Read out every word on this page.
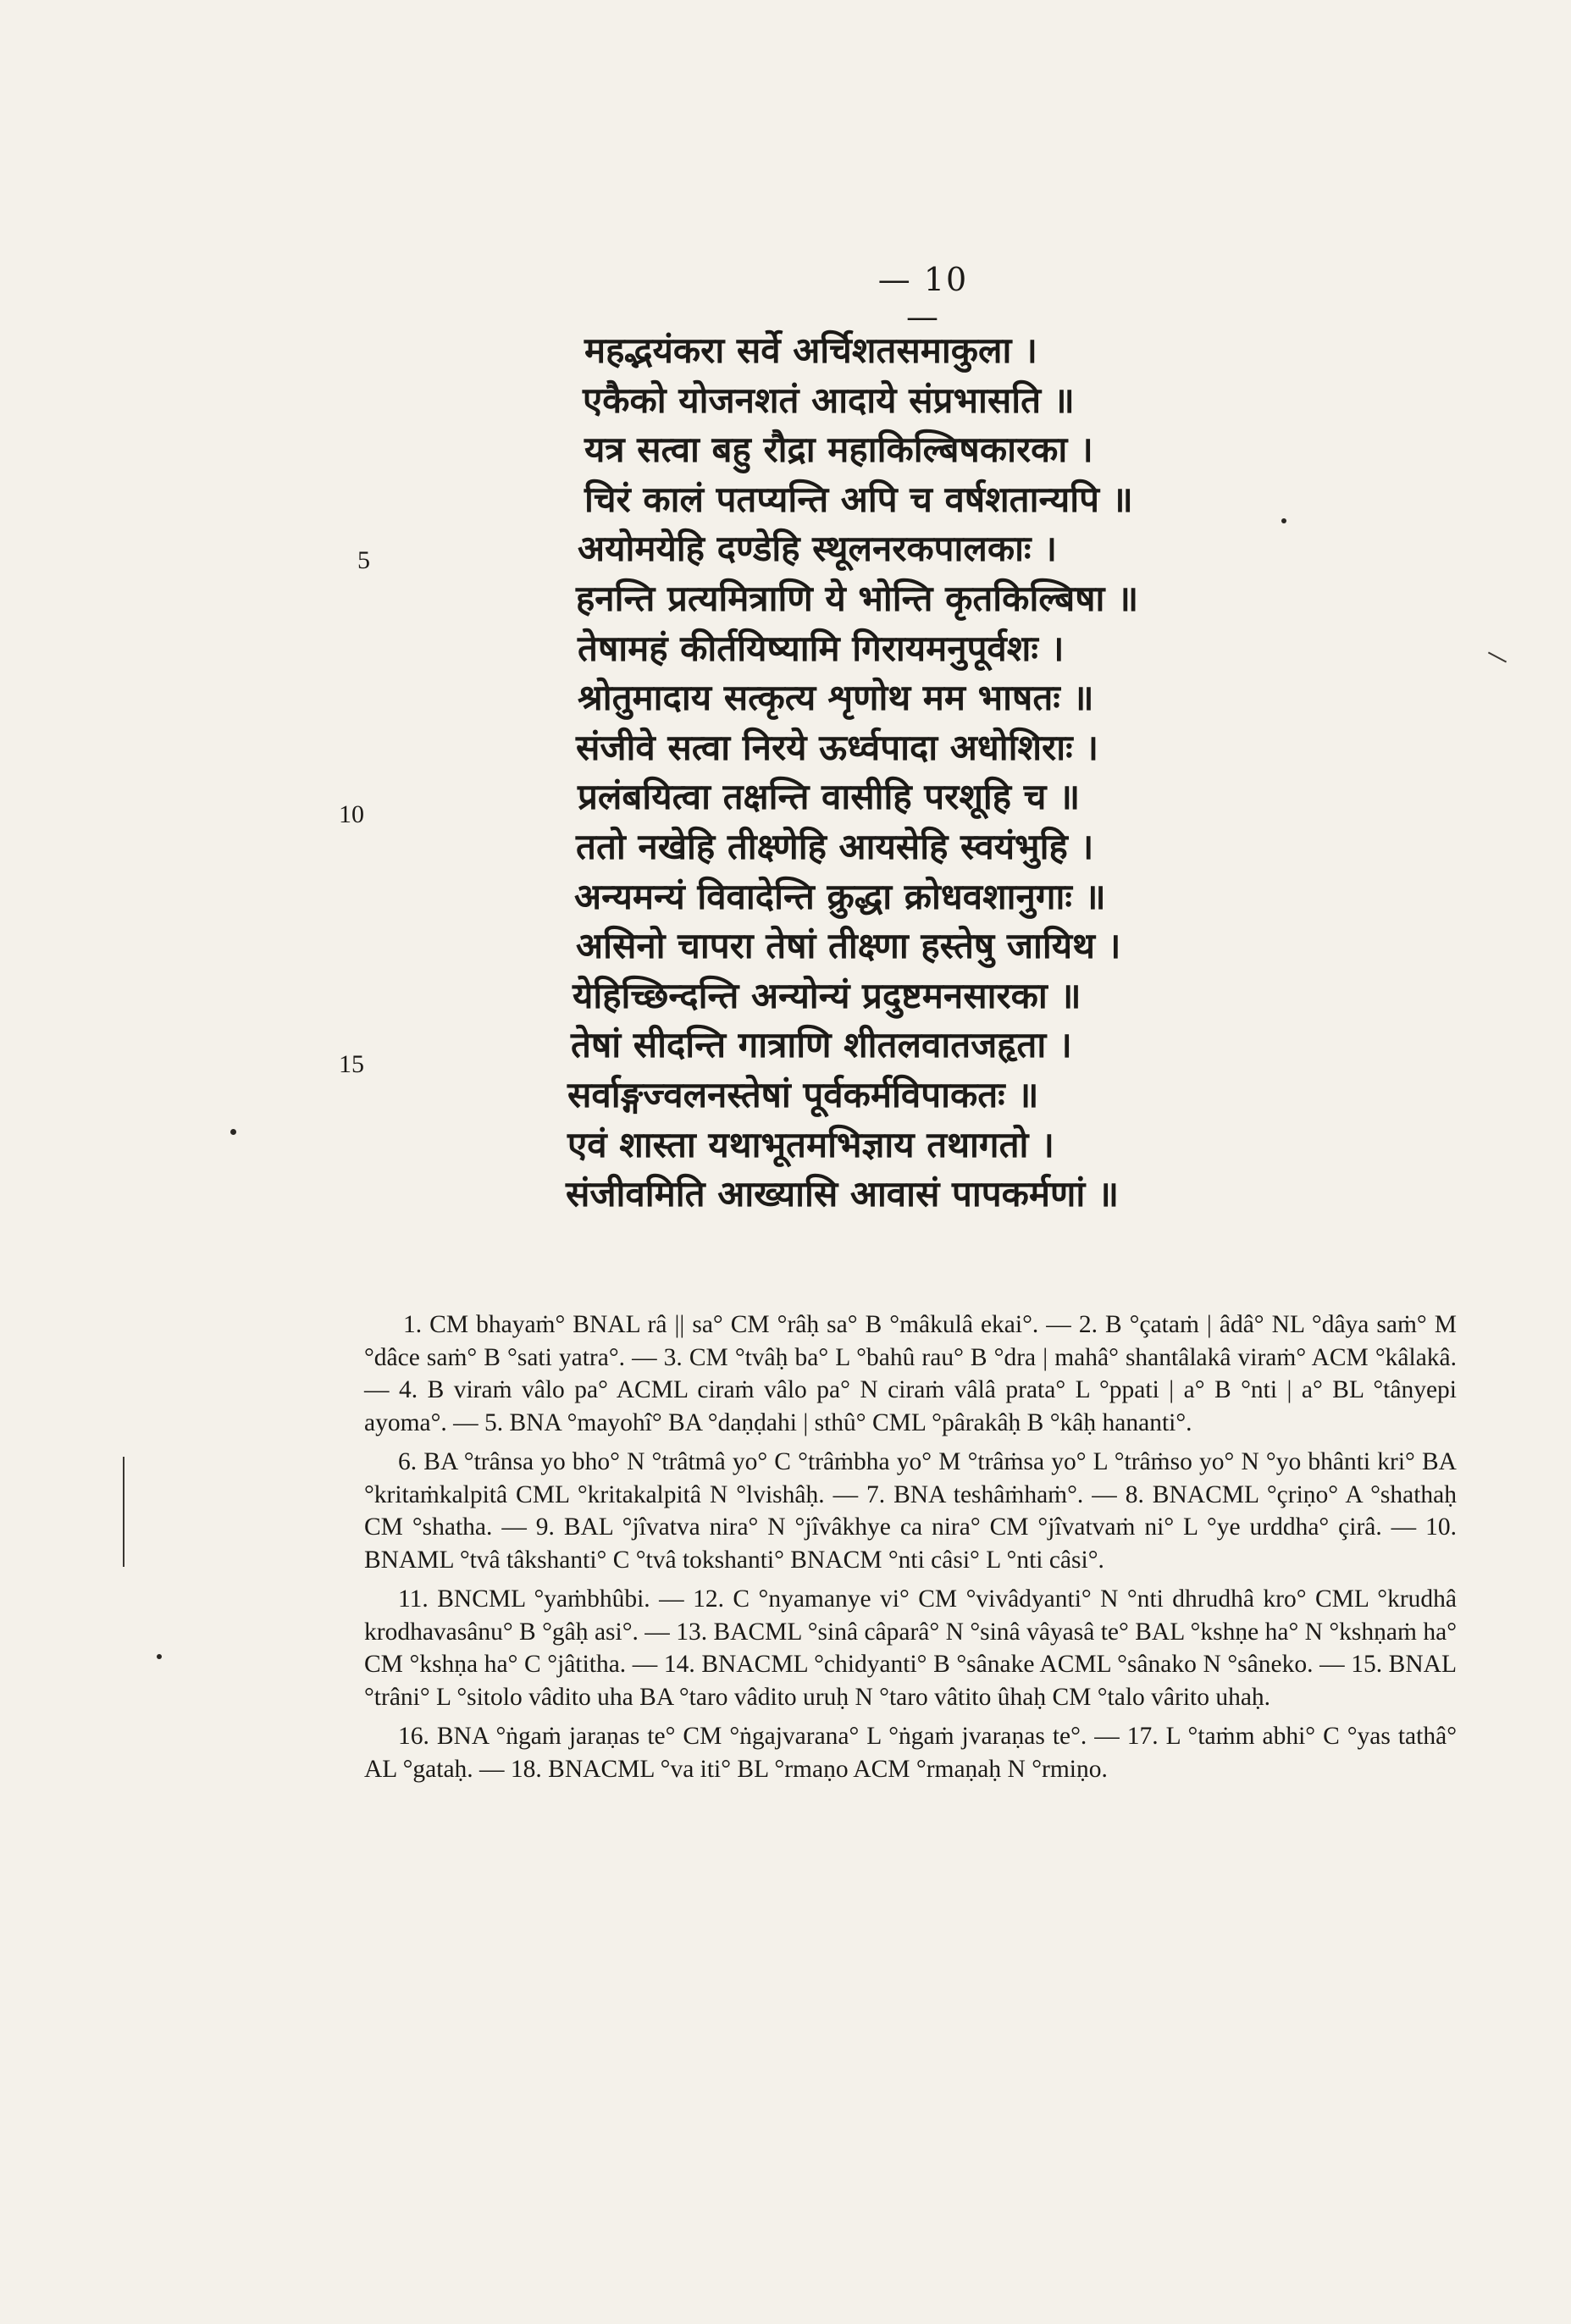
— 10 —
5
10
15
महद्भयंकरा सर्वे अर्चिशतसमाकुला ।
एकैको योजनशतं आदाये संप्रभासति ॥
यत्र सत्वा बहु रौद्रा महाकिल्बिषकारका ।
चिरं कालं पतप्यन्ति अपि च वर्षशतान्यपि ॥
अयोमयेहि दण्डेहि स्थूलनरकपालकाः ।
हनन्ति प्रत्यमित्राणि ये भोन्ति कृतकिल्बिषा ॥
तेषामहं कीर्तयिष्यामि गिरायमनुपूर्वशः ।
श्रोतुमादाय सत्कृत्य शृणोथ मम भाषतः ॥
संजीवे सत्वा निरये ऊर्ध्वपादा अधोशिराः ।
प्रलंबयित्वा तक्षन्ति वासीहि परशूहि च ॥
ततो नखेहि तीक्ष्णेहि आयसेहि स्वयंभुहि ।
अन्यमन्यं विवादेन्ति क्रुद्धा क्रोधवशानुगाः ॥
असिनो चापरा तेषां तीक्ष्णा हस्तेषु जायिथ ।
येहिच्छिन्दन्ति अन्योन्यं प्रदुष्टमनसारका ॥
तेषां सीदन्ति गात्राणि शीतलवातजहृता ।
सर्वाङ्गज्वलनस्तेषां पूर्वकर्मविपाकतः ॥
एवं शास्ता यथाभूतमभिज्ञाय तथागतो ।
संजीवमिति आख्यासि आवासं पापकर्मणां ॥

1. CM bhayaṁ° BNAL râ || sa° CM °râḥ sa° B °mâkulâ ekai°. — 2. B °çataṁ | âdâ° NL °dâya saṁ° M °dâce saṁ° B °sati yatra°. — 3. CM °tvâḥ ba° L °bahû rau° B °dra | mahâ° shantâlakâ viraṁ° ACM °kâlakâ. — 4. B viraṁ vâlo pa° ACML ciraṁ vâlo pa° N ciraṁ vâlâ prata° L °ppati | a° B °nti | a° BL °tânyepi ayoma°. — 5. BNA °mayohî° BA °daṇḍahi | sthû° CML °pârakâḥ B °kâḥ hananti°.

6. BA °trânsa yo bho° N °trâtmâ yo° C °trâṁbha yo° M °trâṁsa yo° L °trâṁso yo° N °yo bhânti kri° BA °kritaṁkalpitâ CML °kritakalpitâ N °lvishâḥ. — 7. BNA teshâṁhaṁ°. — 8. BNACML °çriṇo° A °shathaḥ CM °shatha. — 9. BAL °jîvatva nira° N °jîvâkhye ca nira° CM °jîvatvaṁ ni° L °ye urddha° çirâ. — 10. BNAML °tvâ tâkshanti° C °tvâ tokshanti° BNACM °nti câsi° L °nti câsi°.

11. BNCML °yaṁbhûbi. — 12. C °nyamanye vi° CM °vivâdyanti° N °nti dhrudhâ kro° CML °krudhâ krodhavasânu° B °gâḥ asi°. — 13. BACML °sinâ câparâ° N °sinâ vâyasâ te° BAL °kshṇe ha° N °kshṇaṁ ha° CM °kshṇa ha° C °jâtitha. — 14. BNACML °chidyanti° B °sânake ACML °sânako N °sâneko. — 15. BNAL °trâni° L °sitolo vâdito uha BA °taro vâdito uruḥ N °taro vâtito ûhaḥ CM °talo vârito uhaḥ.

16. BNA °ṅgaṁ jaraṇas te° CM °ṅgajvarana° L °ṅgaṁ jvaraṇas te°. — 17. L °taṁm abhi° C °yas tathâ° AL °gataḥ. — 18. BNACML °va iti° BL °rmaṇo ACM °rmaṇaḥ N °rmiṇo.
